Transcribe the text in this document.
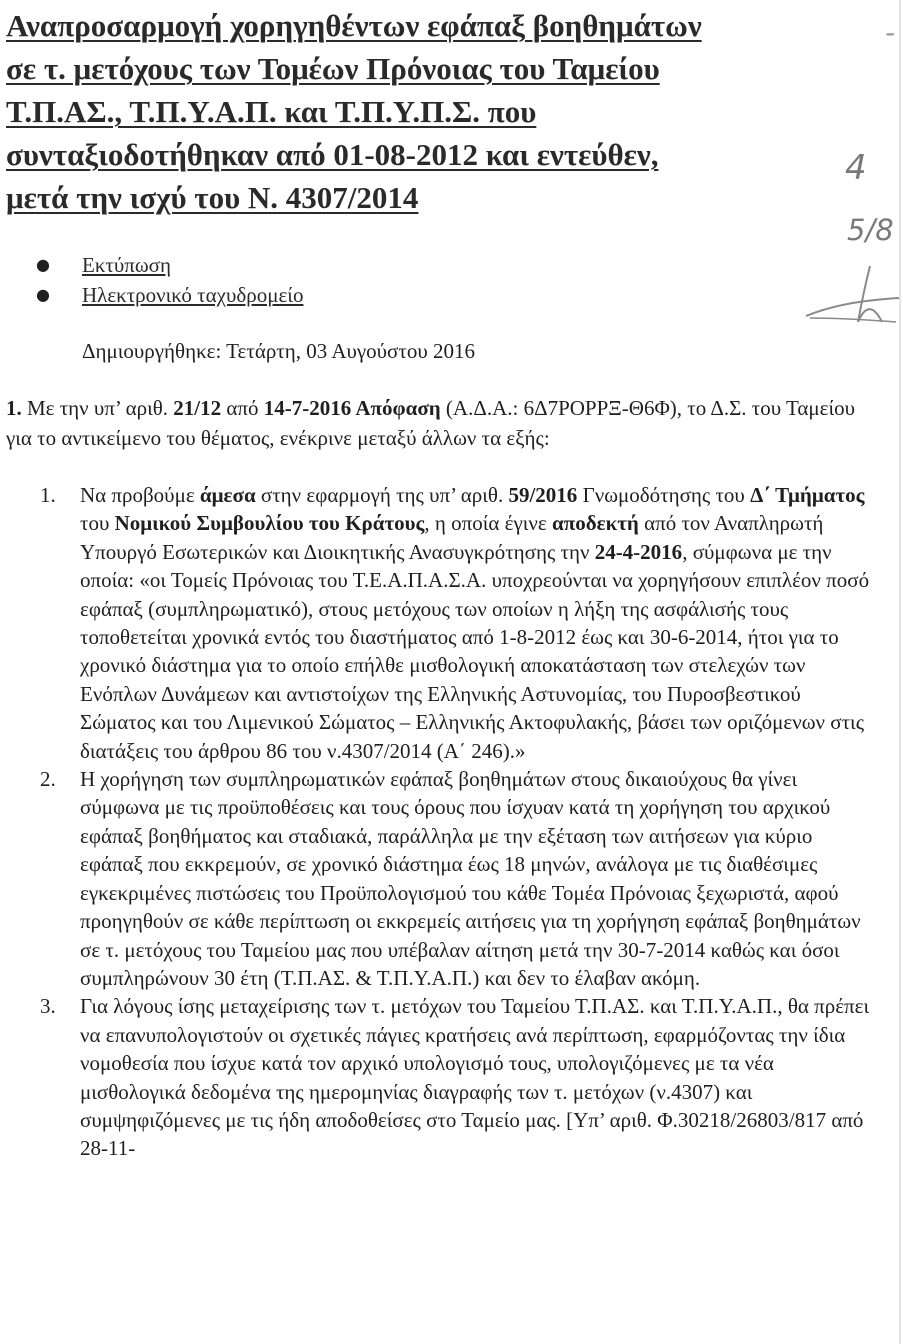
Αναπροσαρμογή χορηγηθέντων εφάπαξ βοηθημάτων
σε τ. μετόχους των Τομέων Πρόνοιας του Ταμείου
Τ.Π.ΑΣ., Τ.Π.Υ.Α.Π. και Τ.Π.Υ.Π.Σ. που
συνταξιοδοτήθηκαν από 01-08-2012 και εντεύθεν,
μετά την ισχύ του Ν. 4307/2014
-
4
5/8
● Εκτύπωση
● Ηλεκτρονικό ταχυδρομείο

Δημιουργήθηκε: Τετάρτη, 03 Αυγούστου 2016

1. Με την υπ’ αριθ. 21/12 από 14-7-2016 Απόφαση (Α.Δ.Α.: 6Δ7ΡΟΡΡΞ-Θ6Φ), το Δ.Σ. του Ταμείου για το αντικείμενο του θέματος, ενέκρινε μεταξύ άλλων τα εξής:

1. Να προβούμε άμεσα στην εφαρμογή της υπ’ αριθ. 59/2016 Γνωμοδότησης του Δ΄ Τμήματος του Νομικού Συμβουλίου του Κράτους, η οποία έγινε αποδεκτή από τον Αναπληρωτή Υπουργό Εσωτερικών και Διοικητικής Ανασυγκρότησης την 24-4-2016, σύμφωνα με την οποία: «οι Τομείς Πρόνοιας του Τ.Ε.Α.Π.Α.Σ.Α. υποχρεούνται να χορηγήσουν επιπλέον ποσό εφάπαξ (συμπληρωματικό), στους μετόχους των οποίων η λήξη της ασφάλισής τους τοποθετείται χρονικά εντός του διαστήματος από 1-8-2012 έως και 30-6-2014, ήτοι για το χρονικό διάστημα για το οποίο επήλθε μισθολογική αποκατάσταση των στελεχών των Ενόπλων Δυνάμεων και αντιστοίχων της Ελληνικής Αστυνομίας, του Πυροσβεστικού Σώματος και του Λιμενικού Σώματος – Ελληνικής Ακτοφυλακής, βάσει των οριζόμενων στις διατάξεις του άρθρου 86 του ν.4307/2014 (Α΄ 246).»
2. Η χορήγηση των συμπληρωματικών εφάπαξ βοηθημάτων στους δικαιούχους θα γίνει σύμφωνα με τις προϋποθέσεις και τους όρους που ίσχυαν κατά τη χορήγηση του αρχικού εφάπαξ βοηθήματος και σταδιακά, παράλληλα με την εξέταση των αιτήσεων για κύριο εφάπαξ που εκκρεμούν, σε χρονικό διάστημα έως 18 μηνών, ανάλογα με τις διαθέσιμες εγκεκριμένες πιστώσεις του Προϋπολογισμού του κάθε Τομέα Πρόνοιας ξεχωριστά, αφού προηγηθούν σε κάθε περίπτωση οι εκκρεμείς αιτήσεις για τη χορήγηση εφάπαξ βοηθημάτων σε τ. μετόχους του Ταμείου μας που υπέβαλαν αίτηση μετά την 30-7-2014 καθώς και όσοι συμπληρώνουν 30 έτη (Τ.Π.ΑΣ. & Τ.Π.Υ.Α.Π.) και δεν το έλαβαν ακόμη.
3. Για λόγους ίσης μεταχείρισης των τ. μετόχων του Ταμείου Τ.Π.ΑΣ. και Τ.Π.Υ.Α.Π., θα πρέπει να επανυπολογιστούν οι σχετικές πάγιες κρατήσεις ανά περίπτωση, εφαρμόζοντας την ίδια νομοθεσία που ίσχυε κατά τον αρχικό υπολογισμό τους, υπολογιζόμενες με τα νέα μισθολογικά δεδομένα της ημερομηνίας διαγραφής των τ. μετόχων (ν.4307) και συμψηφιζόμενες με τις ήδη αποδοθείσες στο Ταμείο μας. [Υπ’ αριθ. Φ.30218/26803/817 από 28-11-
